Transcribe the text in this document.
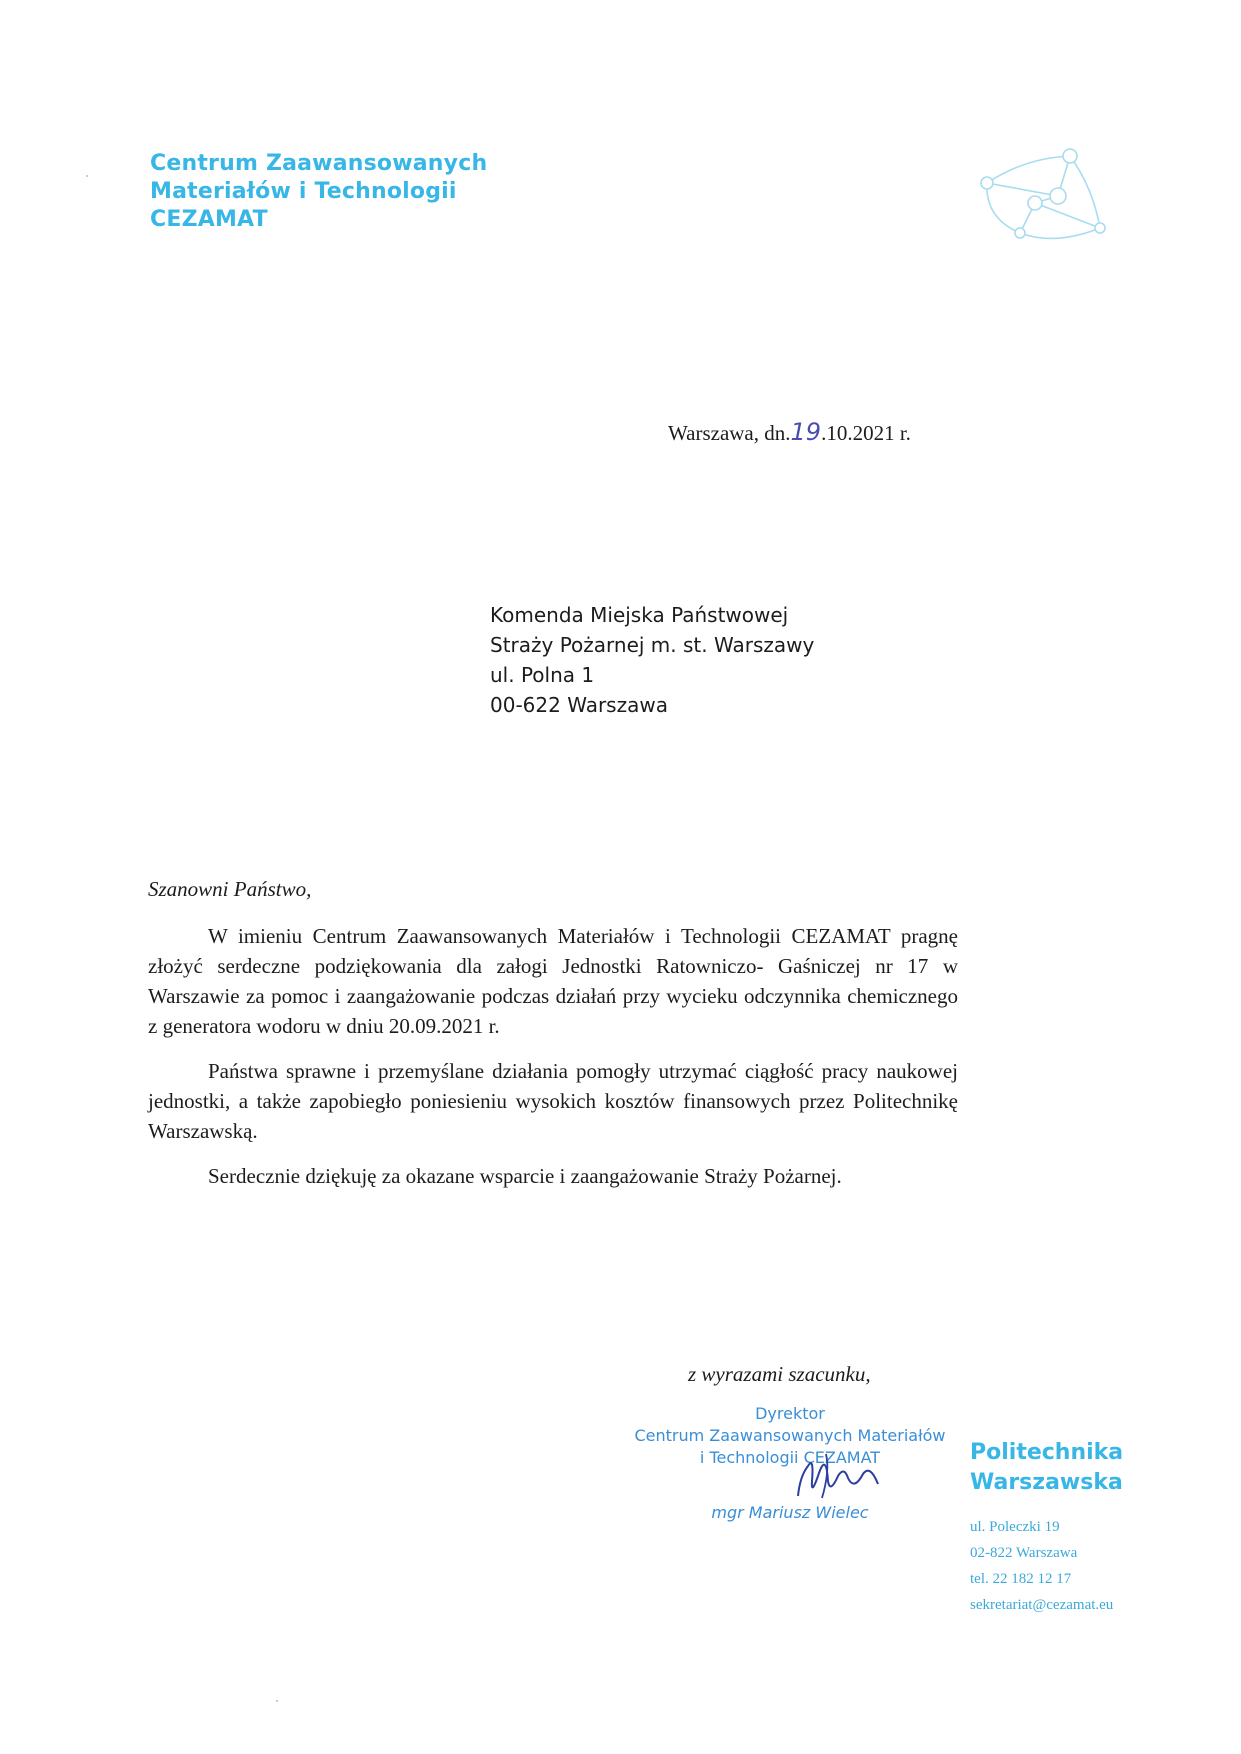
Centrum Zaawansowanych
Materiałów i Technologii
CEZAMAT
Warszawa, dn.19.10.2021 r.
Komenda Miejska Państwowej
Straży Pożarnej m. st. Warszawy
ul. Polna 1
00-622 Warszawa
Szanowni Państwo,

W imieniu Centrum Zaawansowanych Materiałów i Technologii CEZAMAT pragnę złożyć serdeczne podziękowania dla załogi Jednostki Ratowniczo- Gaśniczej nr 17 w Warszawie za pomoc i zaangażowanie podczas działań przy wycieku odczynnika chemicznego z generatora wodoru w dniu 20.09.2021 r.

Państwa sprawne i przemyślane działania pomogły utrzymać ciągłość pracy naukowej jednostki, a także zapobiegło poniesieniu wysokich kosztów finansowych przez Politechnikę Warszawską.

Serdecznie dziękuję za okazane wsparcie i zaangażowanie Straży Pożarnej.

z wyrazami szacunku,
Dyrektor
Centrum Zaawansowanych Materiałów
i Technologii CEZAMAT
mgr Mariusz Wielec
Politechnika
Warszawska
ul. Poleczki 19
02-822 Warszawa
tel. 22 182 12 17
sekretariat@cezamat.eu
